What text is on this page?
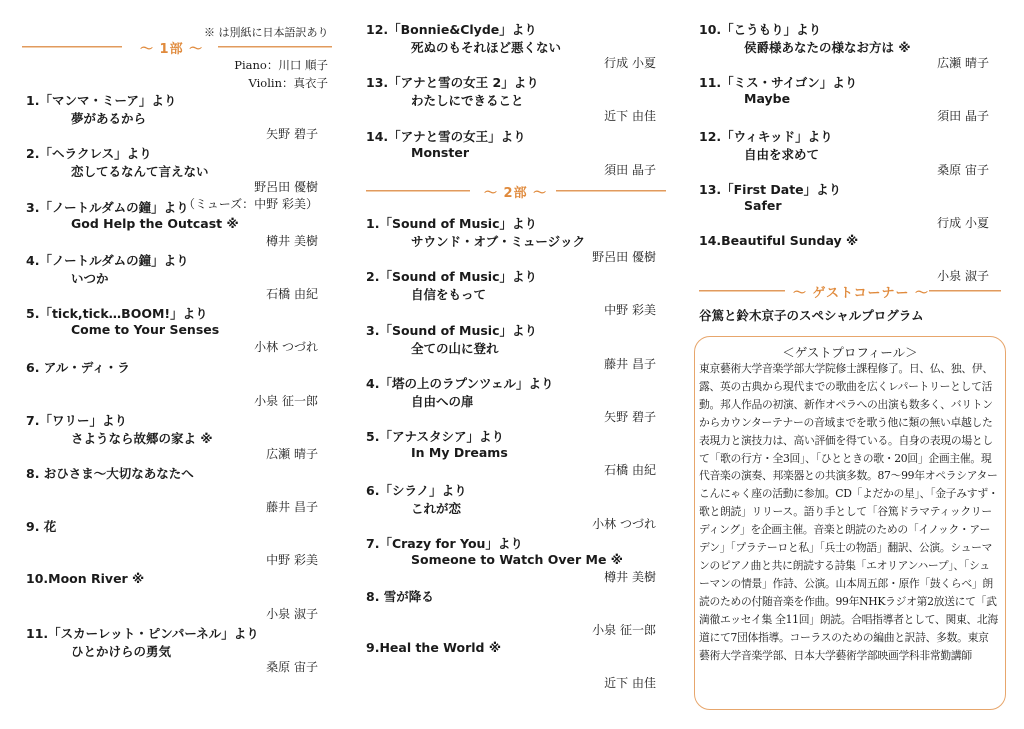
※ は別紙に日本語訳あり
～ 1部 ～
Piano：川口 順子
Violin：真衣子
1.「マンマ・ミーア」より
夢があるから
矢野 碧子
2.「ヘラクレス」より
恋してるなんて言えない
野呂田 優樹
（ミューズ：中野 彩美）
3.「ノートルダムの鐘」より
God Help the Outcast ※
樽井 美樹
4.「ノートルダムの鐘」より
いつか
石橋 由紀
5.「tick,tick…BOOM!」より
Come to Your Senses
小林 つづれ
6. アル・ディ・ラ
小泉 征一郎
7.「ワリー」より
さようなら故郷の家よ ※
広瀬 晴子
8. おひさま～大切なあなたへ
藤井 昌子
9. 花
中野 彩美
10.Moon River ※
小泉 淑子
11.「スカーレット・ピンパーネル」より
ひとかけらの勇気
桑原 宙子
12.「Bonnie&Clyde」より
死ぬのもそれほど悪くない
行成 小夏
13.「アナと雪の女王 2」より
わたしにできること
近下 由佳
14.「アナと雪の女王」より
Monster
須田 晶子
～ 2部 ～
1.「Sound of Music」より
サウンド・オブ・ミュージック
野呂田 優樹
2.「Sound of Music」より
自信をもって
中野 彩美
3.「Sound of Music」より
全ての山に登れ
藤井 昌子
4.「塔の上のラプンツェル」より
自由への扉
矢野 碧子
5.「アナスタシア」より
In My Dreams
石橋 由紀
6.「シラノ」より
これが恋
小林 つづれ
7.「Crazy for You」より
Someone to Watch Over Me ※
樽井 美樹
8. 雪が降る
小泉 征一郎
9.Heal the World ※
近下 由佳
10.「こうもり」より
侯爵様あなたの様なお方は ※
広瀬 晴子
11.「ミス・サイゴン」より
Maybe
須田 晶子
12.「ウィキッド」より
自由を求めて
桑原 宙子
13.「First Date」より
Safer
行成 小夏
14.Beautiful Sunday ※
小泉 淑子
～ ゲストコーナー ～
谷篤と鈴木京子のスペシャルプログラム
＜ゲストプロフィール＞
東京藝術大学音楽学部大学院修士課程修了。日、仏、独、伊、露、英の古典から現代までの歌曲を広くレパートリーとして活動。邦人作品の初演、新作オペラへの出演も数多く、バリトンからカウンターテナーの音域までを歌う他に類の無い卓越した表現力と演技力は、高い評価を得ている。自身の表現の場として「歌の行方・全3回」、「ひとときの歌・20回」企画主催。現代音楽の演奏、邦楽器との共演多数。87～99年オペラシアターこんにゃく座の活動に参加。CD「よだかの星」、「金子みすず・歌と朗読」リリース。語り手として「谷篤ドラマティックリーディング」を企画主催。音楽と朗読のための「イノック・アーデン」「プラテーロと私」「兵士の物語」翻訳、公演。シューマンのピアノ曲と共に朗読する詩集「エオリアンハープ」、「シューマンの情景」作詩、公演。山本周五郎・原作「鼓くらべ」朗読のための付随音楽を作曲。99年NHKラジオ第2放送にて「武満徹エッセイ集 全11回」朗読。合唱指導者として、関東、北海道にて7団体指導。コーラスのための編曲と訳詩、多数。東京藝術大学音楽学部、日本大学藝術学部映画学科非常勤講師
